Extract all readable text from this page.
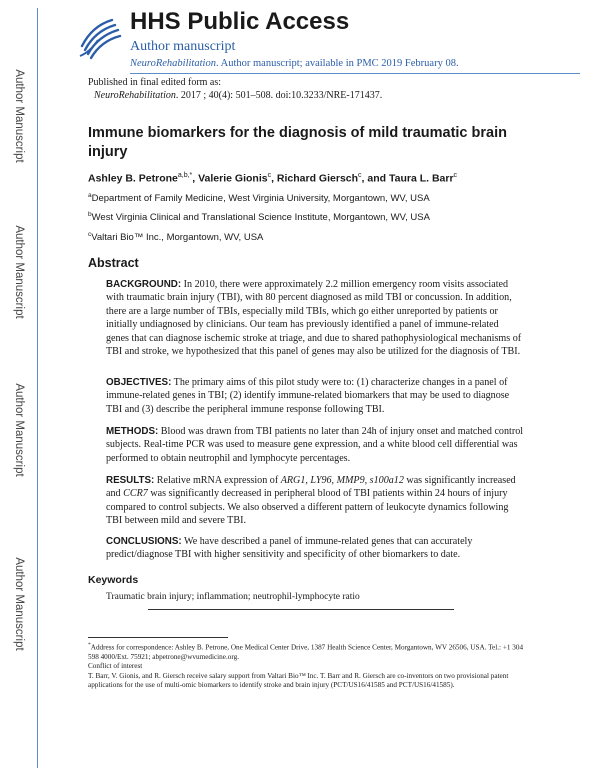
Author Manuscript
Author Manuscript
Author Manuscript
Author Manuscript
HHS Public Access
Author manuscript
NeuroRehabilitation. Author manuscript; available in PMC 2019 February 08.
Published in final edited form as:
NeuroRehabilitation. 2017 ; 40(4): 501–508. doi:10.3233/NRE-171437.
Immune biomarkers for the diagnosis of mild traumatic brain injury
Ashley B. Petrone$^{a,b,*}$, Valerie Gionis$^c$, Richard Giersch$^c$, and Taura L. Barr$^c$
$^a$Department of Family Medicine, West Virginia University, Morgantown, WV, USA
$^b$West Virginia Clinical and Translational Science Institute, Morgantown, WV, USA
$^c$Valtari Bio™ Inc., Morgantown, WV, USA
Abstract
BACKGROUND: In 2010, there were approximately 2.2 million emergency room visits associated with traumatic brain injury (TBI), with 80 percent diagnosed as mild TBI or concussion. In addition, there are a large number of TBIs, especially mild TBIs, which go either unreported by patients or initially undiagnosed by clinicians. Our team has previously identified a panel of immune-related genes that can diagnose ischemic stroke at triage, and due to shared pathophysiological mechanisms of TBI and stroke, we hypothesized that this panel of genes may also be utilized for the diagnosis of TBI.
OBJECTIVES: The primary aims of this pilot study were to: (1) characterize changes in a panel of immune-related genes in TBI; (2) identify immune-related biomarkers that may be used to diagnose TBI and (3) describe the peripheral immune response following TBI.
METHODS: Blood was drawn from TBI patients no later than 24h of injury onset and matched control subjects. Real-time PCR was used to measure gene expression, and a white blood cell differential was performed to obtain neutrophil and lymphocyte percentages.
RESULTS: Relative mRNA expression of ARG1, LY96, MMP9, s100a12 was significantly increased and CCR7 was significantly decreased in peripheral blood of TBI patients within 24 hours of injury compared to control subjects. We also observed a different pattern of leukocyte dynamics following TBI between mild and severe TBI.
CONCLUSIONS: We have described a panel of immune-related genes that can accurately predict/diagnose TBI with higher sensitivity and specificity of other biomarkers to date.
Keywords
Traumatic brain injury; inflammation; neutrophil-lymphocyte ratio
*Address for correspondence: Ashley B. Petrone, One Medical Center Drive, 1387 Health Science Center, Morgantown, WV 26506, USA. Tel.: +1 304 598 4000/Ext. 75921; abpetrone@wvumedicine.org.
Conflict of interest
T. Barr, V. Gionis, and R. Giersch receive salary support from Valtari Bio™ Inc. T. Barr and R. Giersch are co-inventors on two provisional patent applications for the use of multi-omic biomarkers to identify stroke and brain injury (PCT/US16/41585 and PCT/US16/41585).
